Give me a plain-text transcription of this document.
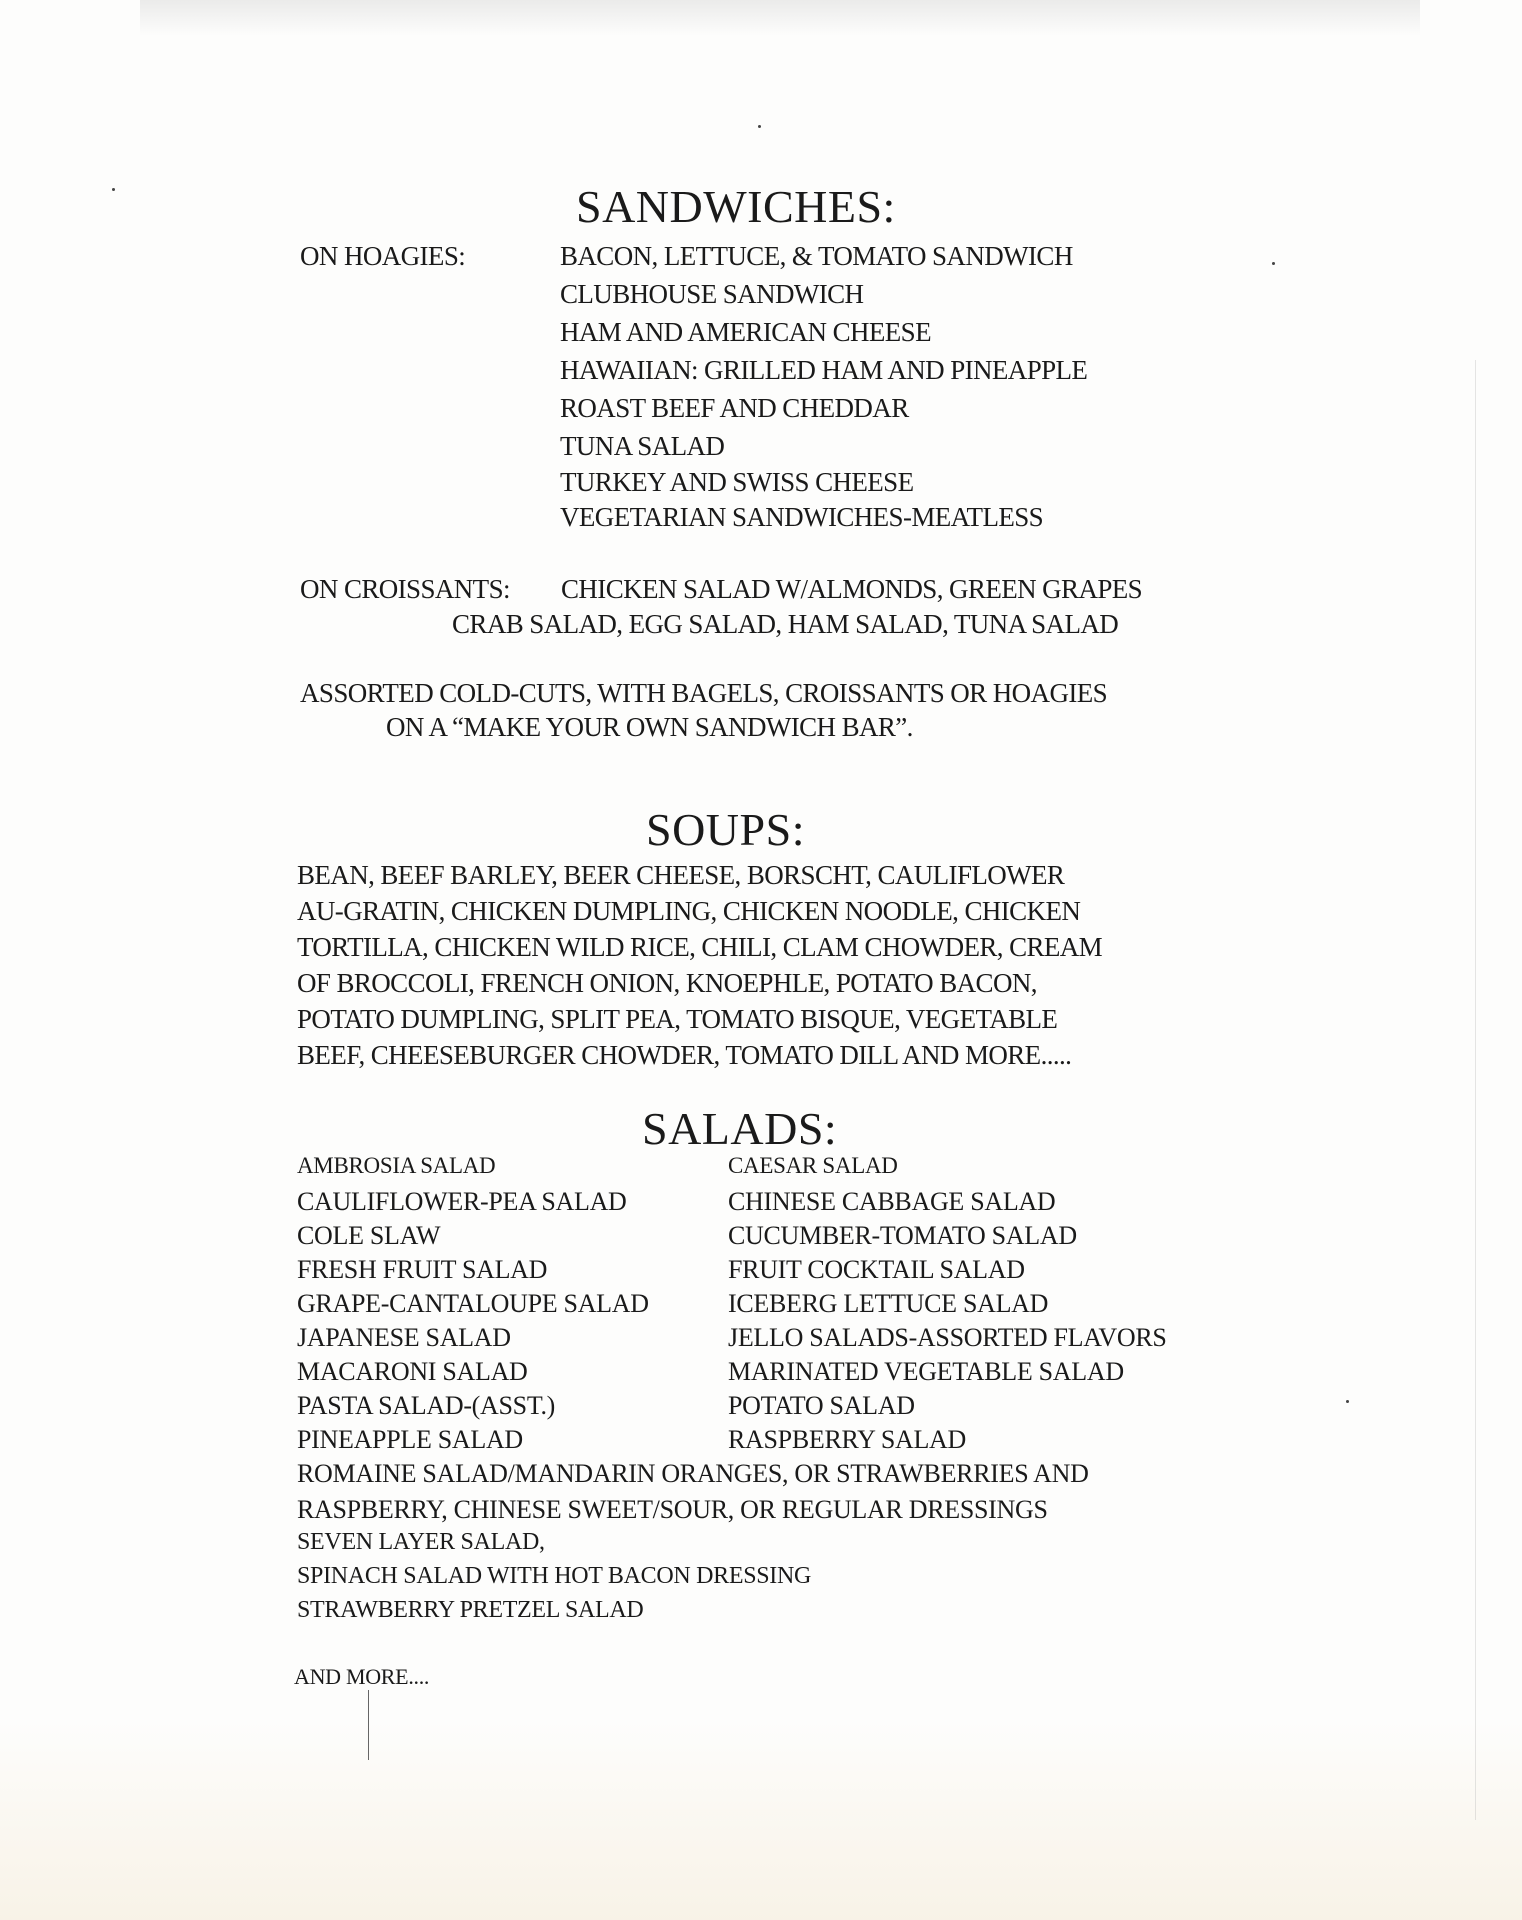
SANDWICHES:
ON HOAGIES:	BACON, LETTUCE, & TOMATO SANDWICH
CLUBHOUSE SANDWICH
HAM AND AMERICAN CHEESE
HAWAIIAN: GRILLED HAM AND PINEAPPLE
ROAST BEEF AND CHEDDAR
TUNA SALAD
TURKEY AND SWISS CHEESE
VEGETARIAN SANDWICHES-MEATLESS
ON CROISSANTS: CHICKEN SALAD W/ALMONDS, GREEN GRAPES
CRAB SALAD, EGG SALAD, HAM SALAD, TUNA SALAD
ASSORTED COLD-CUTS, WITH BAGELS, CROISSANTS OR HOAGIES
ON A “MAKE YOUR OWN SANDWICH BAR”.
SOUPS:
BEAN, BEEF BARLEY, BEER CHEESE, BORSCHT, CAULIFLOWER
AU-GRATIN, CHICKEN DUMPLING, CHICKEN NOODLE, CHICKEN
TORTILLA, CHICKEN WILD RICE, CHILI, CLAM CHOWDER, CREAM
OF BROCCOLI, FRENCH ONION, KNOEPHLE, POTATO BACON,
POTATO DUMPLING, SPLIT PEA, TOMATO BISQUE, VEGETABLE
BEEF, CHEESEBURGER CHOWDER, TOMATO DILL AND MORE.....
SALADS:
AMBROSIA SALAD
CAULIFLOWER-PEA SALAD
COLE SLAW
FRESH FRUIT SALAD
GRAPE-CANTALOUPE SALAD
JAPANESE SALAD
MACARONI SALAD
PASTA SALAD-(ASST.)
PINEAPPLE SALAD
CAESAR SALAD
CHINESE CABBAGE SALAD
CUCUMBER-TOMATO SALAD
FRUIT COCKTAIL SALAD
ICEBERG LETTUCE SALAD
JELLO SALADS-ASSORTED FLAVORS
MARINATED VEGETABLE SALAD
POTATO SALAD
RASPBERRY SALAD
ROMAINE SALAD/MANDARIN ORANGES, OR STRAWBERRIES AND
RASPBERRY, CHINESE SWEET/SOUR, OR REGULAR DRESSINGS
SEVEN LAYER SALAD,
SPINACH SALAD WITH HOT BACON DRESSING
STRAWBERRY PRETZEL SALAD
AND MORE....
